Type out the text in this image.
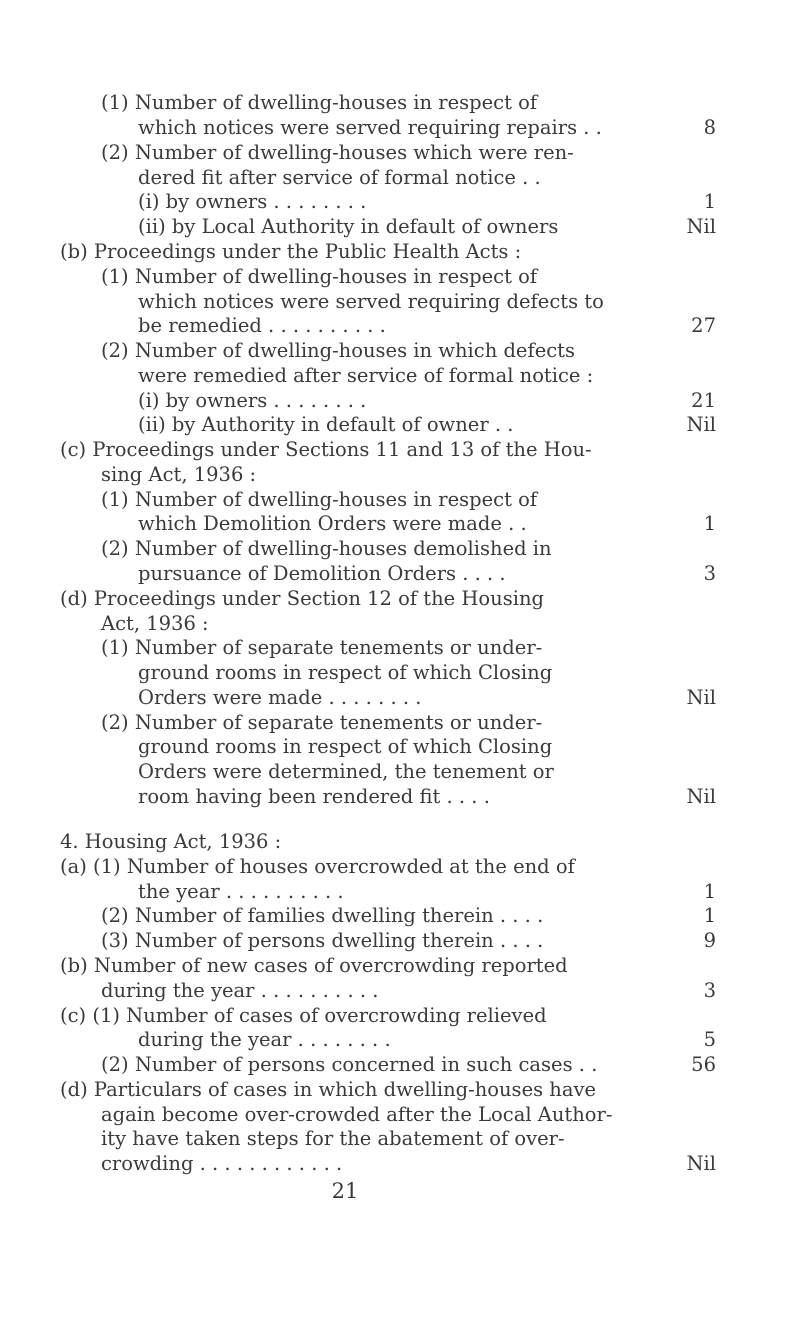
(1) Number of dwelling-houses in respect of
which notices were served requiring repairs . .	8
(2) Number of dwelling-houses which were ren-
dered fit after service of formal notice . .
(i) by owners . . . . . . . .	1
(ii) by Local Authority in default of owners	Nil
(b) Proceedings under the Public Health Acts :
(1) Number of dwelling-houses in respect of
which notices were served requiring defects to
be remedied . . . . . . . . . .	27
(2) Number of dwelling-houses in which defects
were remedied after service of formal notice :
(i) by owners . . . . . . . .	21
(ii) by Authority in default of owner . .	Nil
(c) Proceedings under Sections 11 and 13 of the Hou-
sing Act, 1936 :
(1) Number of dwelling-houses in respect of
which Demolition Orders were made . .	1
(2) Number of dwelling-houses demolished in
pursuance of Demolition Orders . . . .	3
(d) Proceedings under Section 12 of the Housing
Act, 1936 :
(1) Number of separate tenements or under-
ground rooms in respect of which Closing
Orders were made . . . . . . . .	Nil
(2) Number of separate tenements or under-
ground rooms in respect of which Closing
Orders were determined, the tenement or
room having been rendered fit . . . .	Nil
4. Housing Act, 1936 :
(a) (1) Number of houses overcrowded at the end of
the year . . . . . . . . . .	1
(2) Number of families dwelling therein . . . .	1
(3) Number of persons dwelling therein . . . .	9
(b) Number of new cases of overcrowding reported
during the year . . . . . . . . . .	3
(c) (1) Number of cases of overcrowding relieved
during the year . . . . . . . .	5
(2) Number of persons concerned in such cases . .	56
(d) Particulars of cases in which dwelling-houses have
again become over-crowded after the Local Author-
ity have taken steps for the abatement of over-
crowding . . . . . . . . . . . .	Nil
21
